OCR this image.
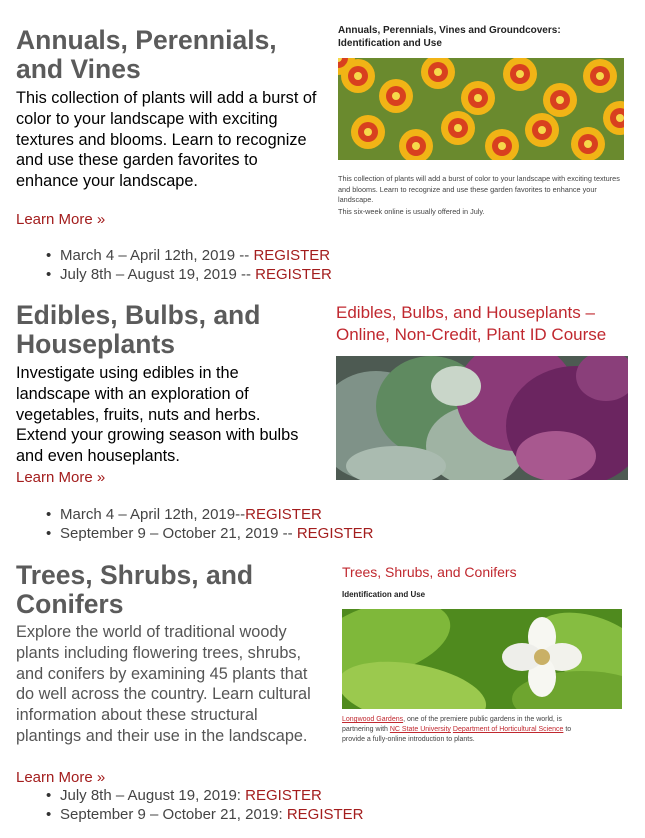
Annuals, Perennials,
and Vines
This collection of plants will add a burst of color to your landscape with exciting textures and blooms. Learn to recognize and use these garden favorites to enhance your landscape.
Learn More »
• March 4 – April 12th, 2019 -- REGISTER
• July 8th – August 19, 2019 -- REGISTER
Annuals, Perennials, Vines and Groundcovers: Identification and Use
This collection of plants will add a burst of color to your landscape with exciting textures and blooms. Learn to recognize and use these garden favorites to enhance your landscape.
This six-week online is usually offered in July.
Edibles, Bulbs, and
Houseplants
Investigate using edibles in the landscape with an exploration of vegetables, fruits, nuts and herbs. Extend your growing season with bulbs and even houseplants.
Learn More »
• March 4 – April 12th, 2019--REGISTER
• September 9 – October 21, 2019 -- REGISTER
Edibles, Bulbs, and Houseplants –
Online, Non-Credit, Plant ID Course
Trees, Shrubs, and
Conifers
Explore the world of traditional woody plants including flowering trees, shrubs, and conifers by examining 45 plants that do well across the country. Learn cultural information about these structural plantings and their use in the landscape.
Learn More »
• July 8th – August 19, 2019: REGISTER
• September 9 – October 21, 2019: REGISTER
Trees, Shrubs, and Conifers
Identification and Use
Longwood Gardens, one of the premiere public gardens in the world, is partnering with NC State University Department of Horticultural Science to provide a fully-online introduction to plants.
